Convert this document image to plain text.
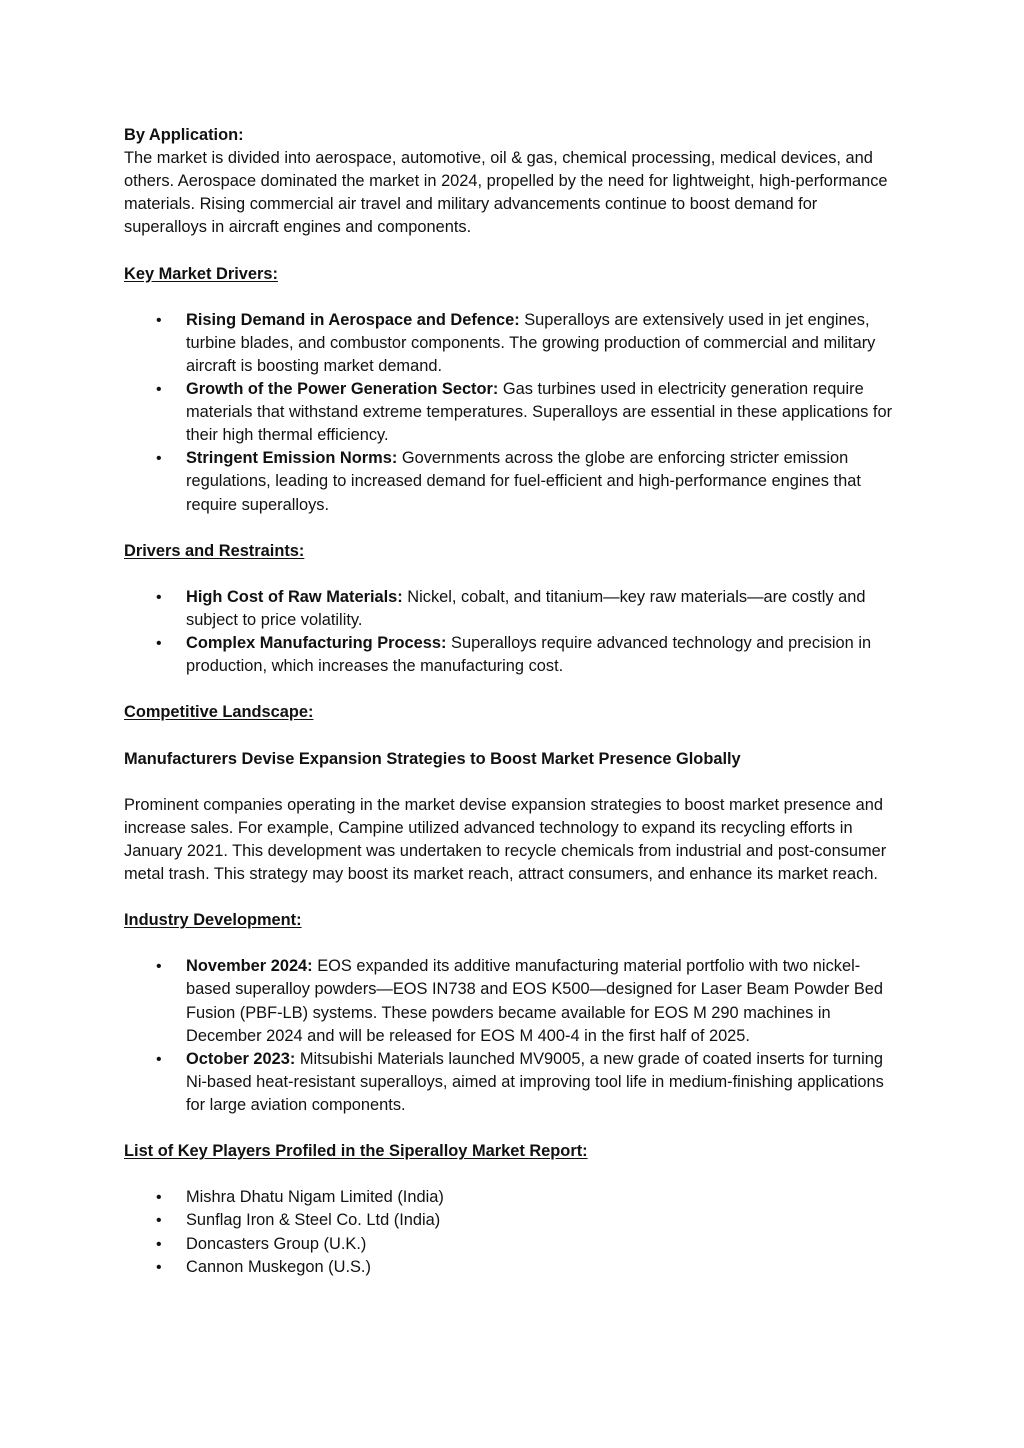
By Application:
The market is divided into aerospace, automotive, oil & gas, chemical processing, medical devices, and others. Aerospace dominated the market in 2024, propelled by the need for lightweight, high-performance materials. Rising commercial air travel and military advancements continue to boost demand for superalloys in aircraft engines and components.
Key Market Drivers:
• Rising Demand in Aerospace and Defence: Superalloys are extensively used in jet engines, turbine blades, and combustor components. The growing production of commercial and military aircraft is boosting market demand.
• Growth of the Power Generation Sector: Gas turbines used in electricity generation require materials that withstand extreme temperatures. Superalloys are essential in these applications for their high thermal efficiency.
• Stringent Emission Norms: Governments across the globe are enforcing stricter emission regulations, leading to increased demand for fuel-efficient and high-performance engines that require superalloys.
Drivers and Restraints:
• High Cost of Raw Materials: Nickel, cobalt, and titanium—key raw materials—are costly and subject to price volatility.
• Complex Manufacturing Process: Superalloys require advanced technology and precision in production, which increases the manufacturing cost.
Competitive Landscape:
Manufacturers Devise Expansion Strategies to Boost Market Presence Globally
Prominent companies operating in the market devise expansion strategies to boost market presence and increase sales. For example, Campine utilized advanced technology to expand its recycling efforts in January 2021. This development was undertaken to recycle chemicals from industrial and post-consumer metal trash. This strategy may boost its market reach, attract consumers, and enhance its market reach.
Industry Development:
• November 2024: EOS expanded its additive manufacturing material portfolio with two nickel-based superalloy powders—EOS IN738 and EOS K500—designed for Laser Beam Powder Bed Fusion (PBF-LB) systems. These powders became available for EOS M 290 machines in December 2024 and will be released for EOS M 400-4 in the first half of 2025.
• October 2023: Mitsubishi Materials launched MV9005, a new grade of coated inserts for turning Ni-based heat-resistant superalloys, aimed at improving tool life in medium-finishing applications for large aviation components.
List of Key Players Profiled in the Siperalloy Market Report:
• Mishra Dhatu Nigam Limited (India)
• Sunflag Iron & Steel Co. Ltd (India)
• Doncasters Group (U.K.)
• Cannon Muskegon (U.S.)
